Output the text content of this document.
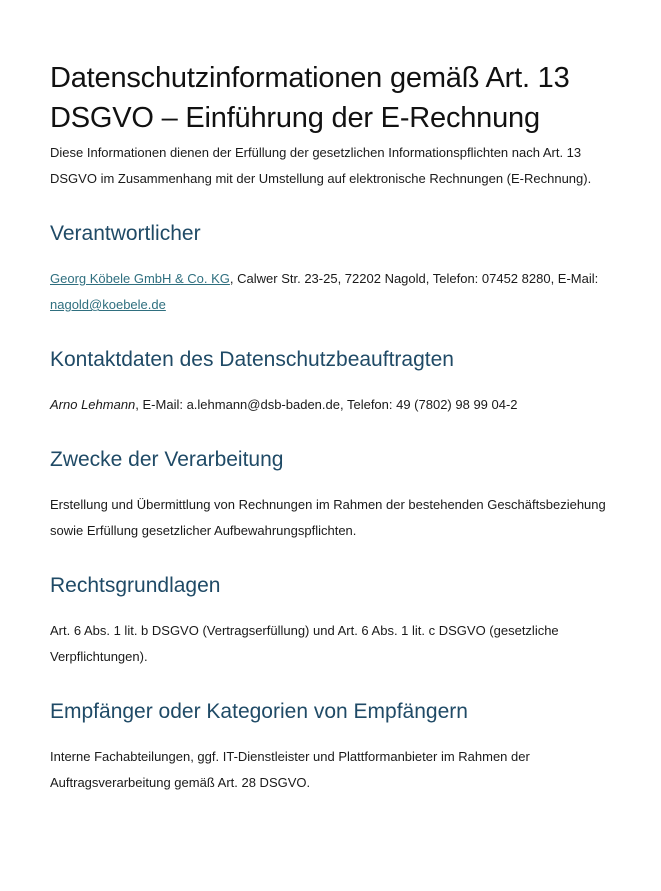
Datenschutzinformationen gemäß Art. 13 DSGVO – Einführung der E-Rechnung

Diese Informationen dienen der Erfüllung der gesetzlichen Informationspflichten nach Art. 13 DSGVO im Zusammenhang mit der Umstellung auf elektronische Rechnungen (E-Rechnung).

Verantwortlicher

Georg Köbele GmbH & Co. KG, Calwer Str. 23-25, 72202 Nagold, Telefon: 07452 8280, E-Mail: nagold@koebele.de

Kontaktdaten des Datenschutzbeauftragten

Arno Lehmann, E-Mail: a.lehmann@dsb-baden.de, Telefon: 49 (7802) 98 99 04-2

Zwecke der Verarbeitung

Erstellung und Übermittlung von Rechnungen im Rahmen der bestehenden Geschäftsbeziehung sowie Erfüllung gesetzlicher Aufbewahrungspflichten.

Rechtsgrundlagen

Art. 6 Abs. 1 lit. b DSGVO (Vertragserfüllung) und Art. 6 Abs. 1 lit. c DSGVO (gesetzliche Verpflichtungen).

Empfänger oder Kategorien von Empfängern

Interne Fachabteilungen, ggf. IT-Dienstleister und Plattformanbieter im Rahmen der Auftragsverarbeitung gemäß Art. 28 DSGVO.
